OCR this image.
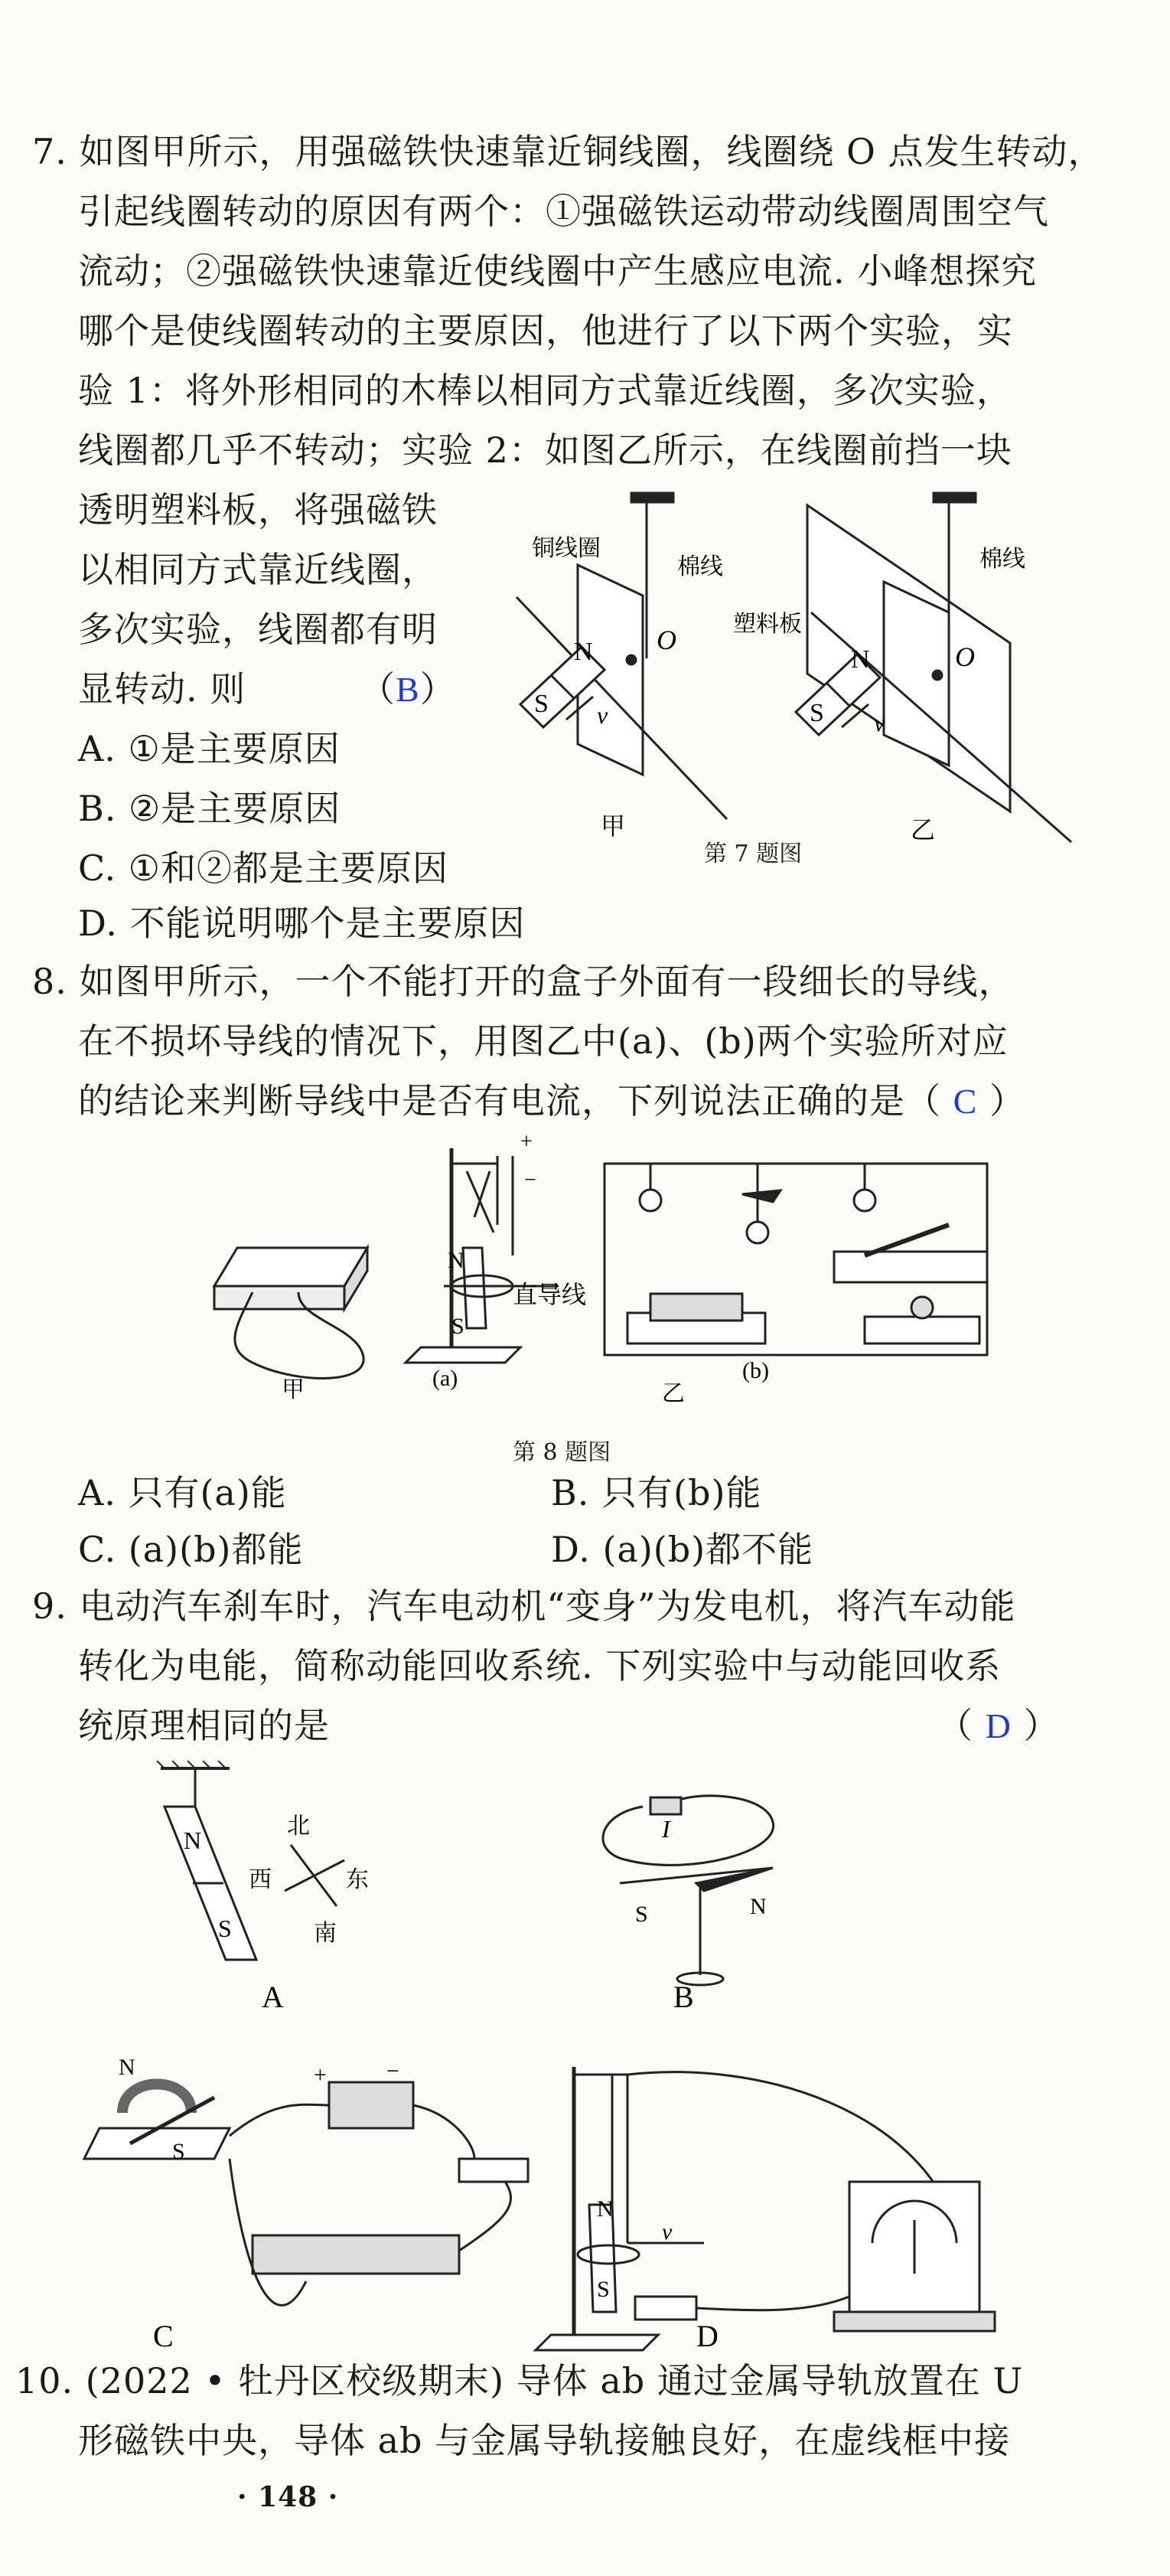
7. 如图甲所示，用强磁铁快速靠近铜线圈，线圈绕 O 点发生转动，
引起线圈转动的原因有两个：①强磁铁运动带动线圈周围空气
流动；②强磁铁快速靠近使线圈中产生感应电流. 小峰想探究
哪个是使线圈转动的主要原因，他进行了以下两个实验，实
验 1：将外形相同的木棒以相同方式靠近线圈，多次实验，
线圈都几乎不转动；实验 2：如图乙所示，在线圈前挡一块
透明塑料板，将强磁铁
以相同方式靠近线圈，
多次实验，线圈都有明
显转动. 则	（B）
A. ①是主要原因
B. ②是主要原因
C. ①和②都是主要原因
D. 不能说明哪个是主要原因
S
N
v
O
铜线圈
棉线
甲
S
N
v
O
棉线
塑料板
乙
第 7 题图
8. 如图甲所示，一个不能打开的盒子外面有一段细长的导线，
在不损坏导线的情况下，用图乙中(a)、(b)两个实验所对应
的结论来判断导线中是否有电流，下列说法正确的是（ C ）
+
−
N
S
直导线
甲	(a)	(b)
乙
第 8 题图
A. 只有(a)能	B. 只有(b)能
C. (a)(b)都能	D. (a)(b)都不能
9. 电动汽车刹车时，汽车电动机“变身”为发电机，将汽车动能
转化为电能，简称动能回收系统. 下列实验中与动能回收系
统原理相同的是	（ D ）
N
S
北
西	东
南
A
I
S	N
B
N
S
+	−
C
N
S
v
D
10. (2022 • 牡丹区校级期末) 导体 ab 通过金属导轨放置在 U
形磁铁中央，导体 ab 与金属导轨接触良好，在虚线框中接
· 148 ·
